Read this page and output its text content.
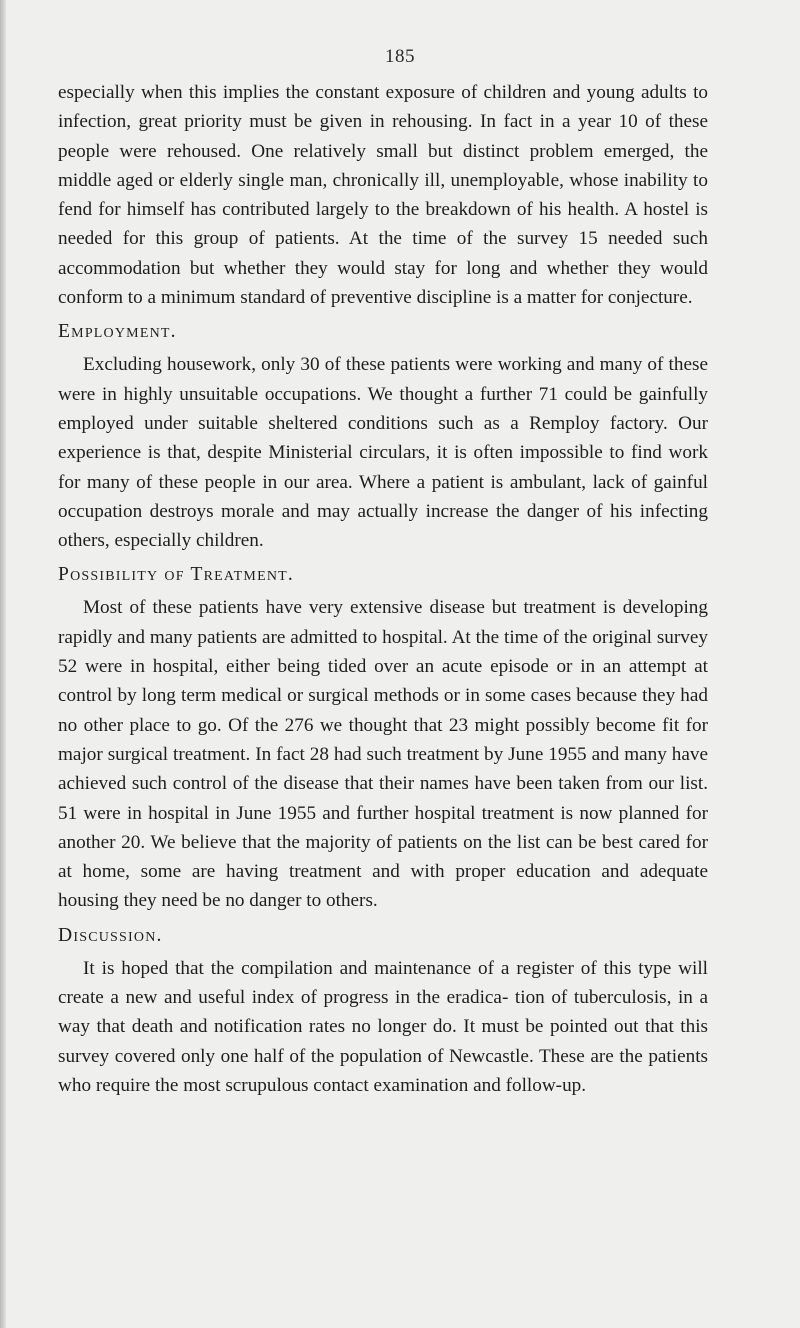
185

especially when this implies the constant exposure of children and young adults to infection, great priority must be given in rehousing. In fact in a year 10 of these people were rehoused. One relatively small but distinct problem emerged, the middle aged or elderly single man, chronically ill, unemployable, whose inability to fend for himself has contributed largely to the breakdown of his health. A hostel is needed for this group of patients. At the time of the survey 15 needed such accommodation but whether they would stay for long and whether they would conform to a minimum standard of preventive discipline is a matter for conjecture.

Employment.

Excluding housework, only 30 of these patients were working and many of these were in highly unsuitable occupations. We thought a further 71 could be gainfully employed under suitable sheltered conditions such as a Remploy factory. Our experience is that, despite Ministerial circulars, it is often impossible to find work for many of these people in our area. Where a patient is ambulant, lack of gainful occupation destroys morale and may actually increase the danger of his infecting others, especially children.

Possibility of Treatment.

Most of these patients have very extensive disease but treatment is developing rapidly and many patients are admitted to hospital. At the time of the original survey 52 were in hospital, either being tided over an acute episode or in an attempt at control by long term medical or surgical methods or in some cases because they had no other place to go. Of the 276 we thought that 23 might possibly become fit for major surgical treatment. In fact 28 had such treatment by June 1955 and many have achieved such control of the disease that their names have been taken from our list. 51 were in hospital in June 1955 and further hospital treatment is now planned for another 20. We believe that the majority of patients on the list can be best cared for at home, some are having treatment and with proper education and adequate housing they need be no danger to others.

Discussion.

It is hoped that the compilation and maintenance of a register of this type will create a new and useful index of progress in the eradica- tion of tuberculosis, in a way that death and notification rates no longer do. It must be pointed out that this survey covered only one half of the population of Newcastle. These are the patients who require the most scrupulous contact examination and follow-up.
